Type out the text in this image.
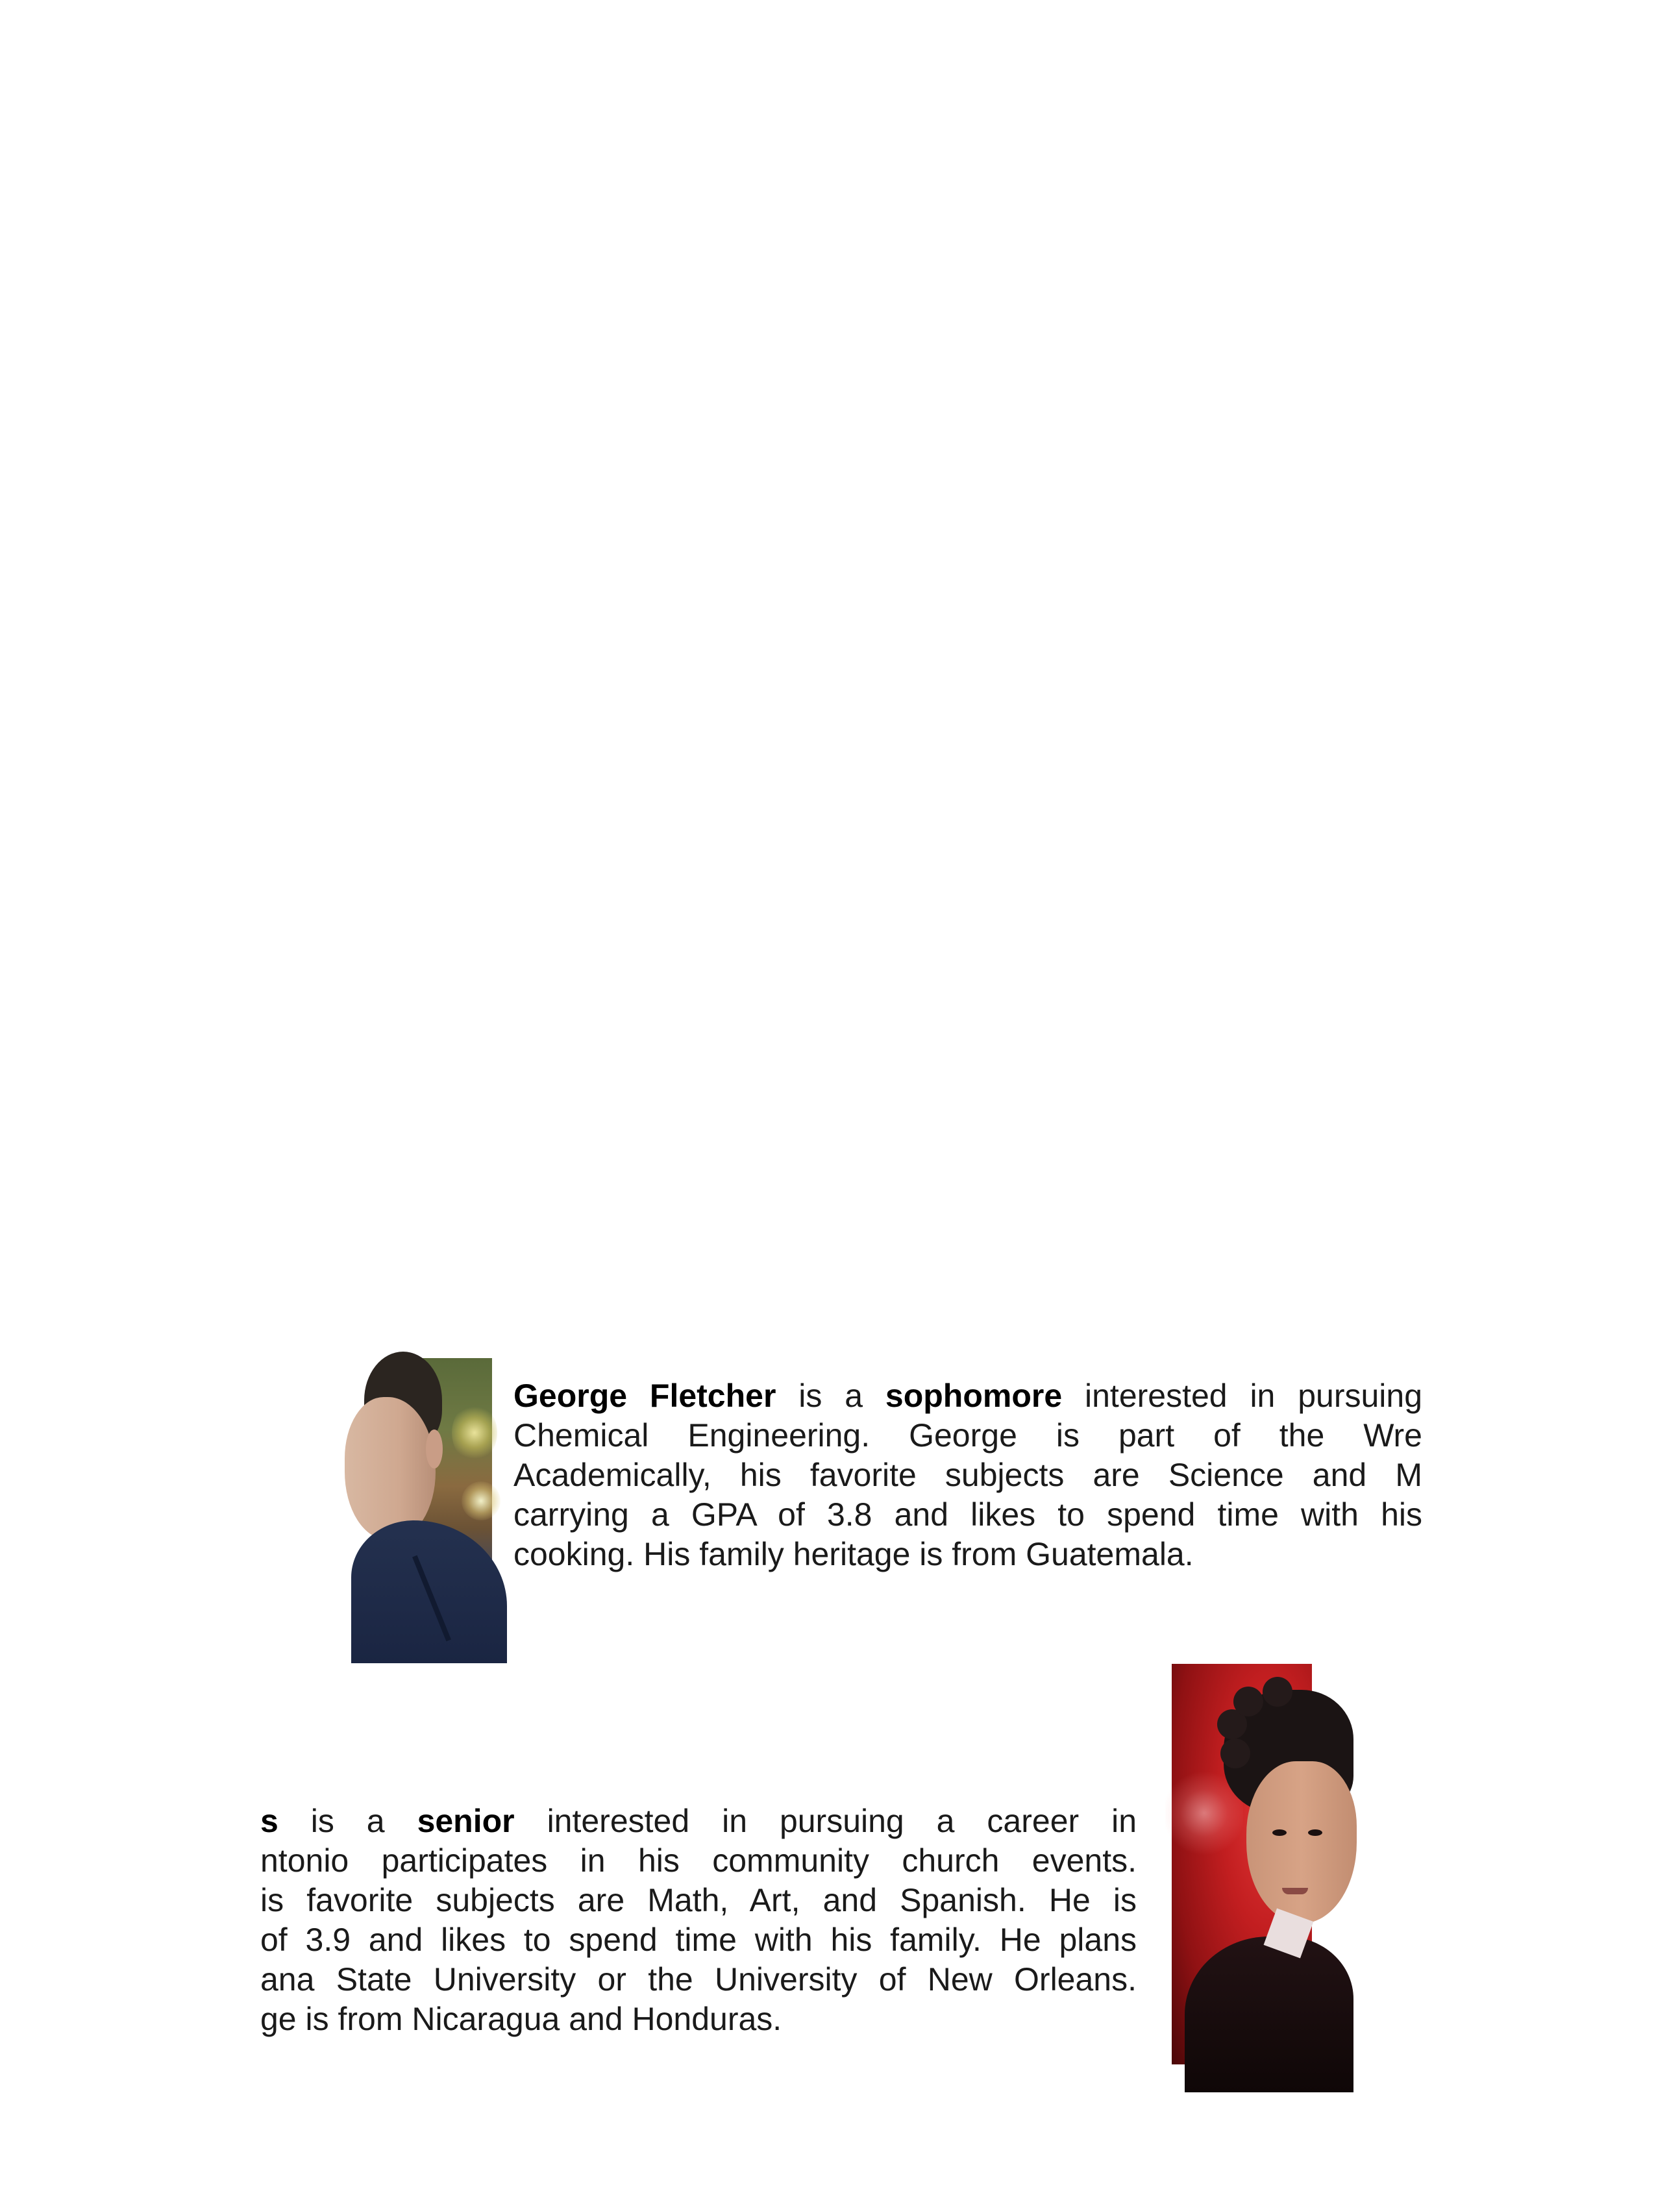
George Fletcher is a sophomore interested in pursuing
Chemical Engineering. George is part of the Wre
Academically, his favorite subjects are Science and M
carrying a GPA of 3.8 and likes to spend time with his
cooking. His family heritage is from Guatemala.
s is a senior interested in pursuing a career in
ntonio participates in his community church events.
is favorite subjects are Math, Art, and Spanish. He is
of 3.9 and likes to spend time with his family. He plans
ana State University or the University of New Orleans.
ge is from Nicaragua and Honduras.
